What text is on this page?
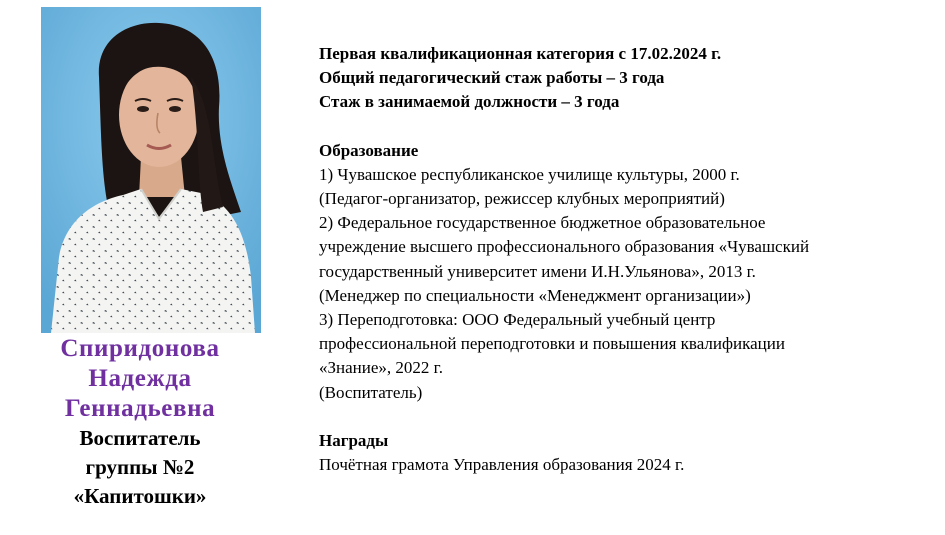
Спиридонова
Надежда
Геннадьевна
Воспитатель
группы №2
«Капитошки»
Первая квалификационная категория с 17.02.2024 г.
Общий педагогический стаж работы – 3 года
Стаж в занимаемой должности – 3 года
Образование
1) Чувашское республиканское училище культуры, 2000 г.
(Педагог-организатор, режиссер клубных мероприятий)
2) Федеральное государственное бюджетное образовательное
учреждение высшего профессионального образования «Чувашский
государственный университет имени И.Н.Ульянова», 2013 г.
(Менеджер по специальности «Менеджмент организации»)
3) Переподготовка: ООО Федеральный учебный центр
профессиональной переподготовки и повышения квалификации
«Знание», 2022 г.
(Воспитатель)
Награды
Почётная грамота Управления образования 2024 г.
